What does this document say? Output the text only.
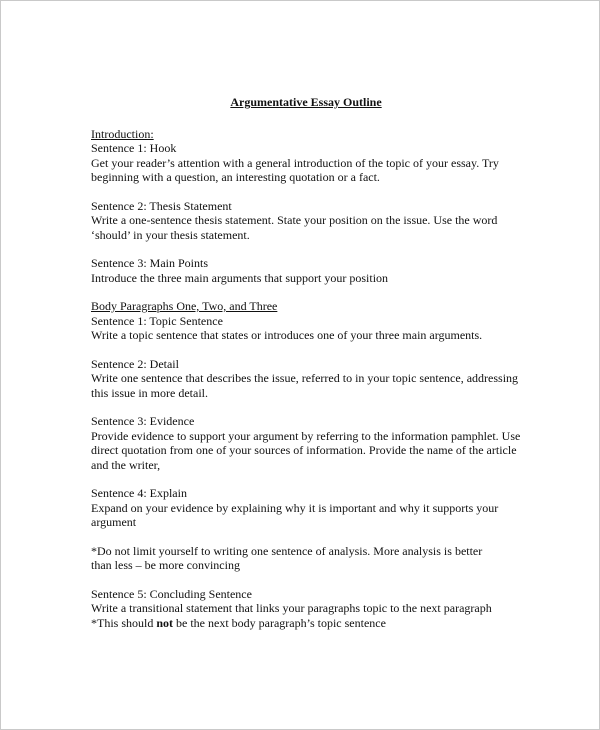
Argumentative Essay Outline
Introduction:
Sentence 1: Hook
Get your reader’s attention with a general introduction of the topic of your essay. Try
beginning with a question, an interesting quotation or a fact.
Sentence 2: Thesis Statement
Write a one-sentence thesis statement. State your position on the issue. Use the word
‘should’ in your thesis statement.
Sentence 3: Main Points
Introduce the three main arguments that support your position
Body Paragraphs One, Two, and Three
Sentence 1: Topic Sentence
Write a topic sentence that states or introduces one of your three main arguments.
Sentence 2: Detail
Write one sentence that describes the issue, referred to in your topic sentence, addressing
this issue in more detail.
Sentence 3: Evidence
Provide evidence to support your argument by referring to the information pamphlet. Use
direct quotation from one of your sources of information. Provide the name of the article
and the writer,
Sentence 4: Explain
Expand on your evidence by explaining why it is important and why it supports your
argument
*Do not limit yourself to writing one sentence of analysis. More analysis is better
than less – be more convincing
Sentence 5: Concluding Sentence
Write a transitional statement that links your paragraphs topic to the next paragraph
*This should not be the next body paragraph’s topic sentence
